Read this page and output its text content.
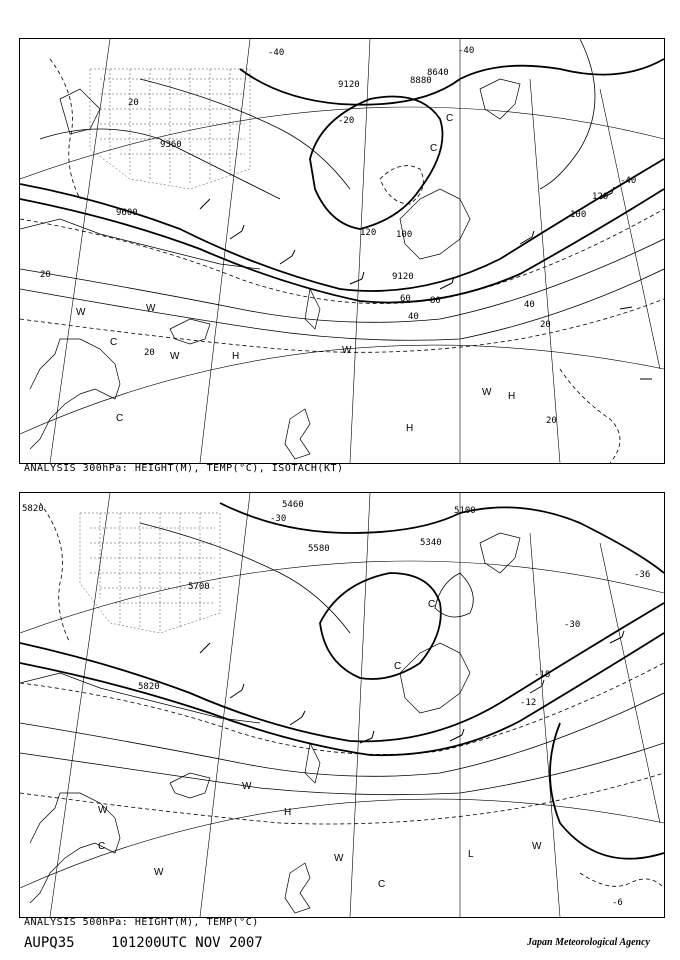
9120
8640
9360
9600
8880
9120
120 100
80
60
40
20
20
20
40
20
20
100
120
-40	-40
-40
-20
W
C
W
H
C
H
W
W H
C
W
C
ANALYSIS 300hPa: HEIGHT(M), TEMP(°C), ISOTACH(KT)
5820	5460
5100
5340
5580
5700
5820
-36
-30
-18
-12
-6
-30
C
C
W
C
W
H
W
C
L
W
W
ANALYSIS 500hPa: HEIGHT(M), TEMP(°C)
AUPQ35	101200UTC NOV 2007	Japan Meteorological Agency
